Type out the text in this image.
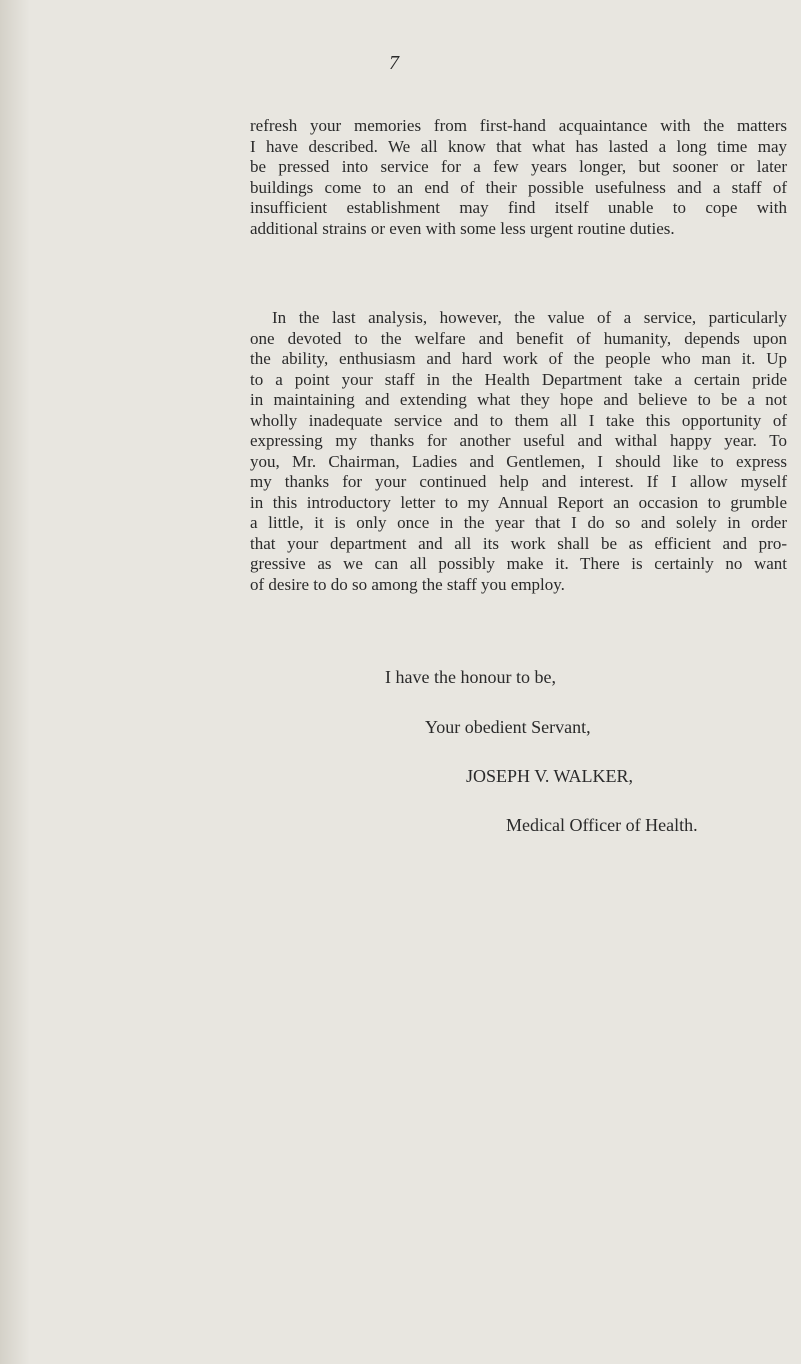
7
refresh your memories from first-hand acquaintance with the matters
I have described. We all know that what has lasted a long time may
be pressed into service for a few years longer, but sooner or later
buildings come to an end of their possible usefulness and a staff of
insufficient establishment may find itself unable to cope with
additional strains or even with some less urgent routine duties.
In the last analysis, however, the value of a service, particularly
one devoted to the welfare and benefit of humanity, depends upon
the ability, enthusiasm and hard work of the people who man it. Up
to a point your staff in the Health Department take a certain pride
in maintaining and extending what they hope and believe to be a not
wholly inadequate service and to them all I take this opportunity of
expressing my thanks for another useful and withal happy year. To
you, Mr. Chairman, Ladies and Gentlemen, I should like to express
my thanks for your continued help and interest. If I allow myself
in this introductory letter to my Annual Report an occasion to grumble
a little, it is only once in the year that I do so and solely in order
that your department and all its work shall be as efficient and pro-
gressive as we can all possibly make it. There is certainly no want
of desire to do so among the staff you employ.
I have the honour to be,
Your obedient Servant,
JOSEPH V. WALKER,
Medical Officer of Health.
